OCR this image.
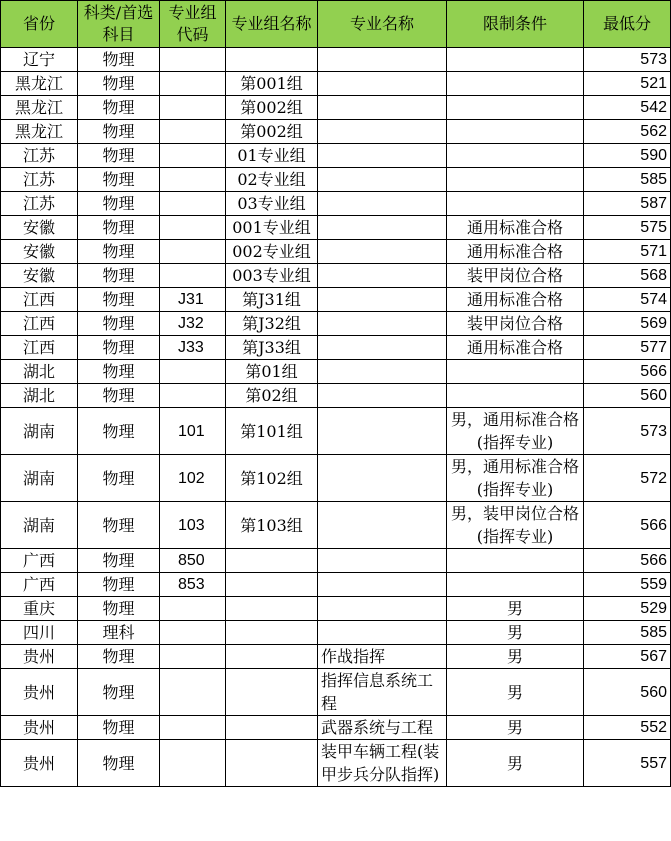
省份	科类/首选科目	专业组代码	专业组名称	专业名称	限制条件	最低分
辽宁	物理					573
黑龙江	物理		第001组			521
黑龙江	物理		第002组			542
黑龙江	物理		第002组			562
江苏	物理		01专业组			590
江苏	物理		02专业组			585
江苏	物理		03专业组			587
安徽	物理		001专业组		通用标准合格	575
安徽	物理		002专业组		通用标准合格	571
安徽	物理		003专业组		装甲岗位合格	568
江西	物理	J31	第J31组		通用标准合格	574
江西	物理	J32	第J32组		装甲岗位合格	569
江西	物理	J33	第J33组		通用标准合格	577
湖北	物理		第01组			566
湖北	物理		第02组			560
湖南	物理	101	第101组		男，通用标准合格(指挥专业)	573
湖南	物理	102	第102组		男，通用标准合格(指挥专业)	572
湖南	物理	103	第103组		男，装甲岗位合格(指挥专业)	566
广西	物理	850				566
广西	物理	853				559
重庆	物理				男	529
四川	理科				男	585
贵州	物理			作战指挥	男	567
贵州	物理			指挥信息系统工程	男	560
贵州	物理			武器系统与工程	男	552
贵州	物理			装甲车辆工程(装甲步兵分队指挥)	男	557
